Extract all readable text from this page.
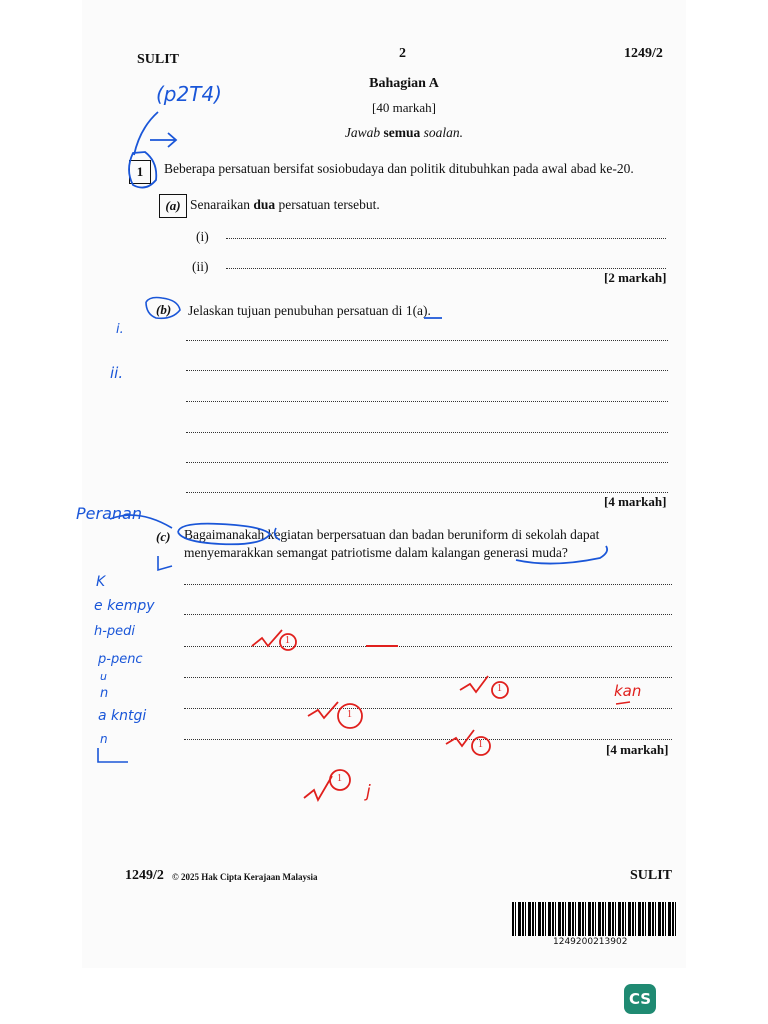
SULIT	2	1249/2
Bahagian A
[40 markah]
Jawab semua soalan.
1	Beberapa persatuan bersifat sosiobudaya dan politik ditubuhkan pada awal abad ke-20.
(a) Senaraikan dua persatuan tersebut.
(i)
(ii)
[2 markah]
(b) Jelaskan tujuan penubuhan persatuan di 1(a).
[4 markah]
(c) Bagaimanakah kegiatan berpersatuan dan badan beruniform di sekolah dapat
menyemarakkan semangat patriotisme dalam kalangan generasi muda?
[4 markah]
1249/2 © 2025 Hak Cipta Kerajaan Malaysia	SULIT
1249200213902
(p2T4)
i.
ii.
Peranan
K
e kempy
h-pedi
p-penc
u
n
a kntgi
n
1
1
1
1
1
kan
j
CS
